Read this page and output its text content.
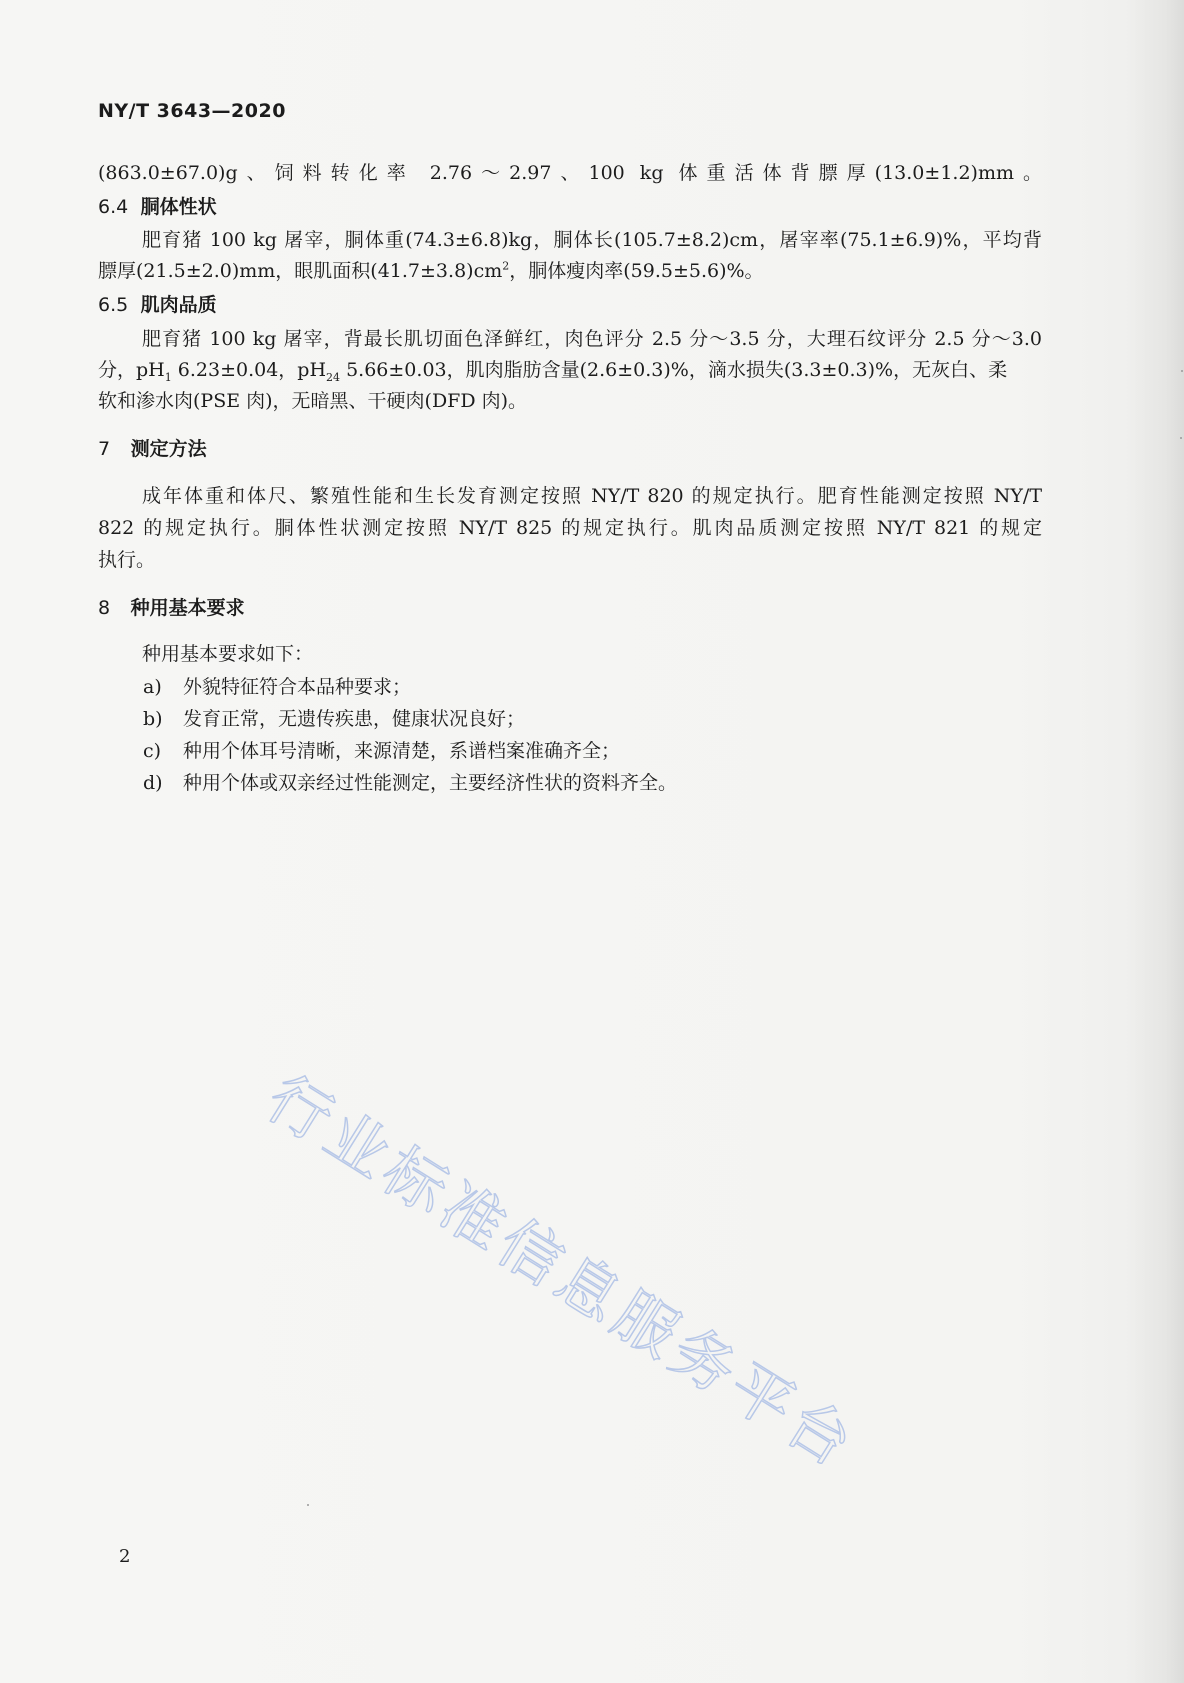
NY/T 3643—2020
(863.0±67.0)g、饲料转化率 2.76～2.97、100 kg 体重活体背膘厚(13.0±1.2)mm。
6.4 胴体性状
肥育猪 100 kg 屠宰，胴体重(74.3±6.8)kg，胴体长(105.7±8.2)cm，屠宰率(75.1±6.9)%，平均背
膘厚(21.5±2.0)mm，眼肌面积$(41.7\pm 3.8)cm^2$，胴体瘦肉率(59.5±5.6)%。
6.5 肌肉品质
肥育猪 100 kg 屠宰，背最长肌切面色泽鲜红，肉色评分 2.5 分～3.5 分，大理石纹评分 2.5 分～3.0
分，$pH_1$ 6.23±0.04，$pH_{24}$ 5.66±0.03，肌肉脂肪含量(2.6±0.3)%，滴水损失(3.3±0.3)%，无灰白、柔
软和渗水肉(PSE 肉)，无暗黑、干硬肉(DFD 肉)。
7 测定方法
成年体重和体尺、繁殖性能和生长发育测定按照 NY/T 820 的规定执行。肥育性能测定按照 NY/T
822 的规定执行。胴体性状测定按照 NY/T 825 的规定执行。肌肉品质测定按照 NY/T 821 的规定
执行。
8 种用基本要求
种用基本要求如下：
a) 外貌特征符合本品种要求；
b) 发育正常，无遗传疾患，健康状况良好；
c) 种用个体耳号清晰，来源清楚，系谱档案准确齐全；
d) 种用个体或双亲经过性能测定，主要经济性状的资料齐全。
行业标准信息服务平台
2
